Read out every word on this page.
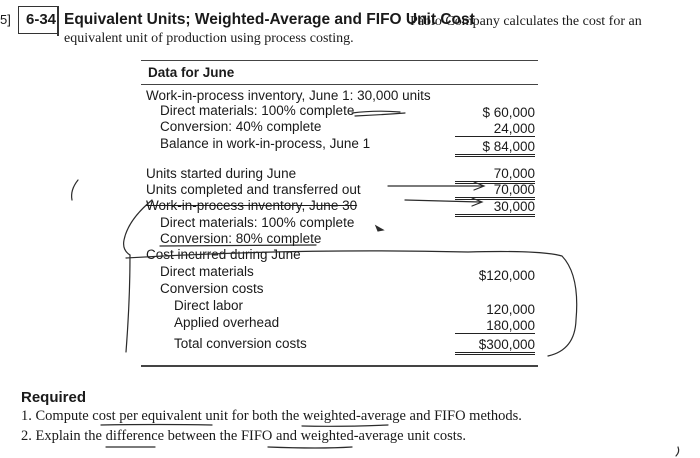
5] 6-34 Equivalent Units; Weighted-Average and FIFO Unit Cost
Pablo Company calculates the cost for an
equivalent unit of production using process costing.
Data for June
Work-in-process inventory, June 1: 30,000 units
Direct materials: 100% complete
Conversion: 40% complete
Balance in work-in-process, June 1
Units started during June
Units completed and transferred out
Work-in-process inventory, June 30
Direct materials: 100% complete
Conversion: 80% complete
Cost incurred during June
Direct materials
Conversion costs
Direct labor
Applied overhead
Total conversion costs
$ 60,000
24,000
$ 84,000
70,000
70,000
30,000
$120,000
120,000
180,000
$300,000
Required
1. Compute cost per equivalent unit for both the weighted-average and FIFO methods.
2. Explain the difference between the FIFO and weighted-average unit costs.
